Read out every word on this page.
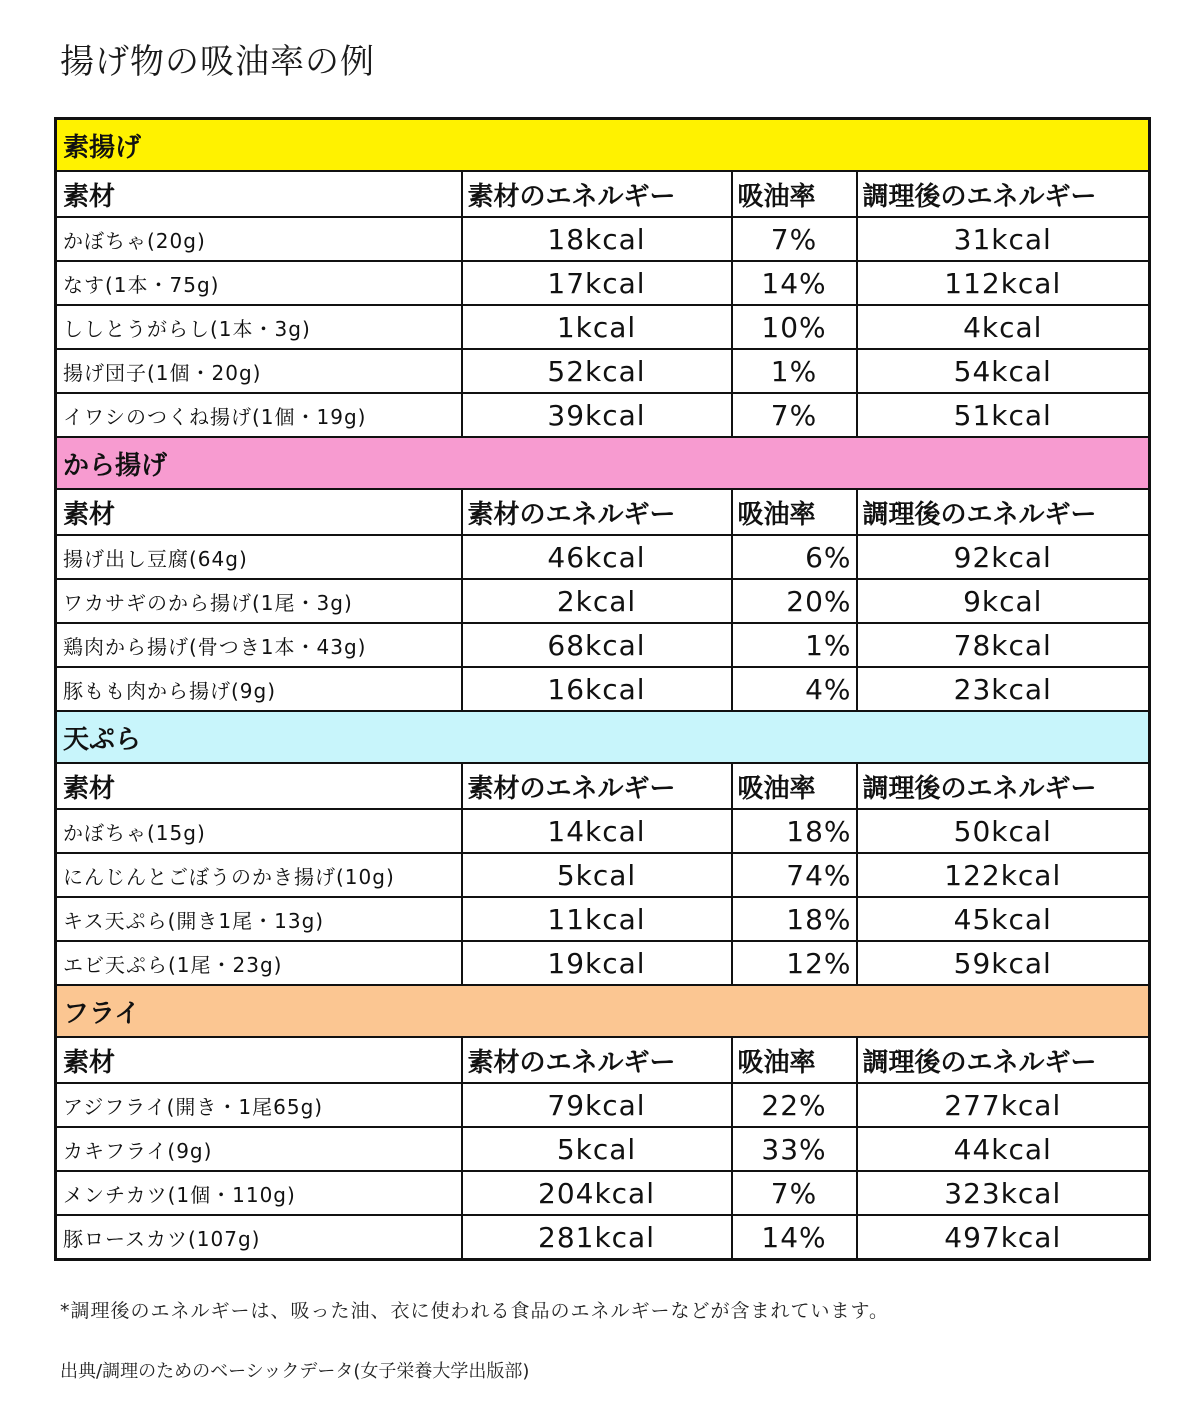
揚げ物の吸油率の例
素揚げ			
素材	素材のエネルギー	吸油率	調理後のエネルギー
かぼちゃ(20g)	18kcal	7%	31kcal
なす(1本・75g)	17kcal	14%	112kcal
ししとうがらし(1本・3g)	1kcal	10%	4kcal
揚げ団子(1個・20g)	52kcal	1%	54kcal
イワシのつくね揚げ(1個・19g)	39kcal	7%	51kcal
から揚げ			
素材	素材のエネルギー	吸油率	調理後のエネルギー
揚げ出し豆腐(64g)	46kcal	6%	92kcal
ワカサギのから揚げ(1尾・3g)	2kcal	20%	9kcal
鶏肉から揚げ(骨つき1本・43g)	68kcal	1%	78kcal
豚もも肉から揚げ(9g)	16kcal	4%	23kcal
天ぷら			
素材	素材のエネルギー	吸油率	調理後のエネルギー
かぼちゃ(15g)	14kcal	18%	50kcal
にんじんとごぼうのかき揚げ(10g)	5kcal	74%	122kcal
キス天ぷら(開き1尾・13g)	11kcal	18%	45kcal
エビ天ぷら(1尾・23g)	19kcal	12%	59kcal
フライ			
素材	素材のエネルギー	吸油率	調理後のエネルギー
アジフライ(開き・1尾65g)	79kcal	22%	277kcal
カキフライ(9g)	5kcal	33%	44kcal
メンチカツ(1個・110g)	204kcal	7%	323kcal
豚ロースカツ(107g)	281kcal	14%	497kcal
*調理後のエネルギーは、吸った油、衣に使われる食品のエネルギーなどが含まれています。
出典/調理のためのベーシックデータ(女子栄養大学出版部)
